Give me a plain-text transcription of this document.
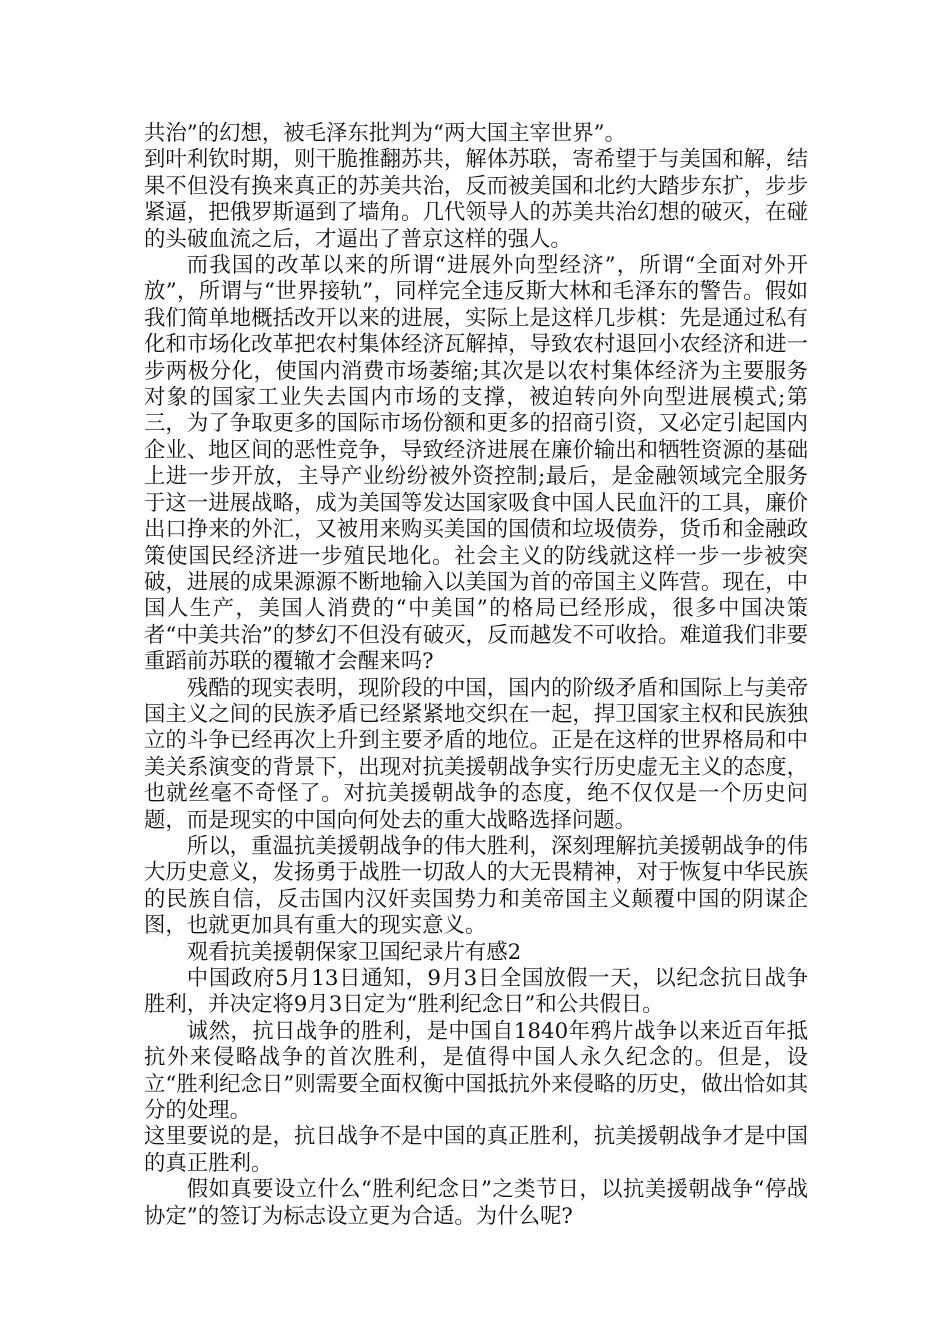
共治”的幻想，被毛泽东批判为“两大国主宰世界”。

到叶利钦时期，则干脆推翻苏共，解体苏联，寄希望于与美国和解，结果不但没有换来真正的苏美共治，反而被美国和北约大踏步东扩，步步紧逼，把俄罗斯逼到了墙角。几代领导人的苏美共治幻想的破灭，在碰的头破血流之后，才逼出了普京这样的强人。

而我国的改革以来的所谓“进展外向型经济”，所谓“全面对外开放”，所谓与“世界接轨”，同样完全违反斯大林和毛泽东的警告。假如我们简单地概括改开以来的进展，实际上是这样几步棋：先是通过私有化和市场化改革把农村集体经济瓦解掉，导致农村退回小农经济和进一步两极分化，使国内消费市场萎缩;其次是以农村集体经济为主要服务对象的国家工业失去国内市场的支撑，被迫转向外向型进展模式;第三，为了争取更多的国际市场份额和更多的招商引资，又必定引起国内企业、地区间的恶性竞争，导致经济进展在廉价输出和牺牲资源的基础上进一步开放，主导产业纷纷被外资控制;最后，是金融领域完全服务于这一进展战略，成为美国等发达国家吸食中国人民血汗的工具，廉价出口挣来的外汇，又被用来购买美国的国债和垃圾债券，货币和金融政策使国民经济进一步殖民地化。社会主义的防线就这样一步一步被突破，进展的成果源源不断地输入以美国为首的帝国主义阵营。现在，中国人生产，美国人消费的“中美国”的格局已经形成，很多中国决策者“中美共治”的梦幻不但没有破灭，反而越发不可收拾。难道我们非要重蹈前苏联的覆辙才会醒来吗?

残酷的现实表明，现阶段的中国，国内的阶级矛盾和国际上与美帝国主义之间的民族矛盾已经紧紧地交织在一起，捍卫国家主权和民族独立的斗争已经再次上升到主要矛盾的地位。正是在这样的世界格局和中美关系演变的背景下，出现对抗美援朝战争实行历史虚无主义的态度，也就丝毫不奇怪了。对抗美援朝战争的态度，绝不仅仅是一个历史问题，而是现实的中国向何处去的重大战略选择问题。

所以，重温抗美援朝战争的伟大胜利，深刻理解抗美援朝战争的伟大历史意义，发扬勇于战胜一切敌人的大无畏精神，对于恢复中华民族的民族自信，反击国内汉奸卖国势力和美帝国主义颠覆中国的阴谋企图，也就更加具有重大的现实意义。

观看抗美援朝保家卫国纪录片有感2

中国政府5月13日通知，9月3日全国放假一天，以纪念抗日战争胜利，并决定将9月3日定为“胜利纪念日”和公共假日。

诚然，抗日战争的胜利，是中国自1840年鸦片战争以来近百年抵抗外来侵略战争的首次胜利，是值得中国人永久纪念的。但是，设立“胜利纪念日”则需要全面权衡中国抵抗外来侵略的历史，做出恰如其分的处理。

这里要说的是，抗日战争不是中国的真正胜利，抗美援朝战争才是中国的真正胜利。

假如真要设立什么“胜利纪念日”之类节日，以抗美援朝战争“停战协定”的签订为标志设立更为合适。为什么呢?
